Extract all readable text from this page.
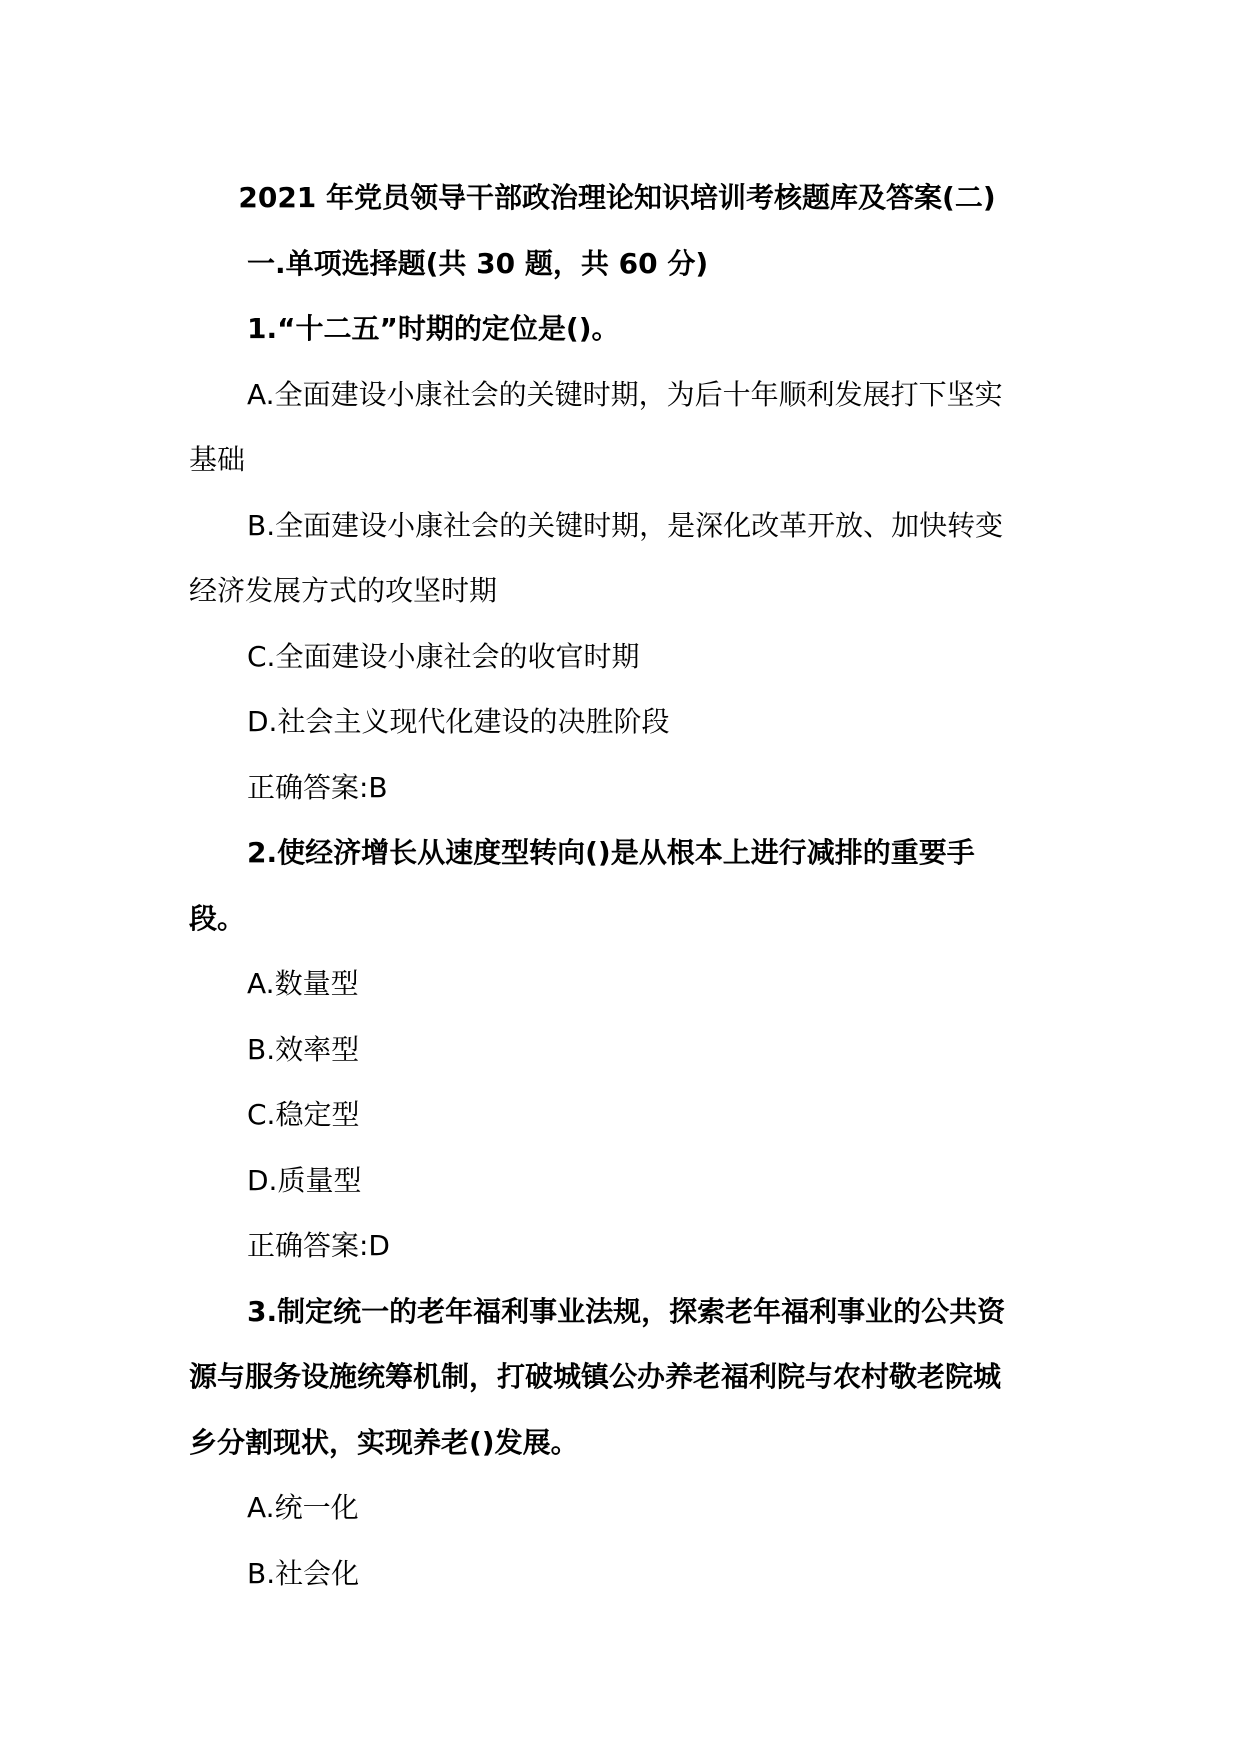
2021 年党员领导干部政治理论知识培训考核题库及答案(二)

一.单项选择题(共 30 题，共 60 分)

1.“十二五”时期的定位是()。

A.全面建设小康社会的关键时期，为后十年顺利发展打下坚实

基础

B.全面建设小康社会的关键时期，是深化改革开放、加快转变

经济发展方式的攻坚时期

C.全面建设小康社会的收官时期

D.社会主义现代化建设的决胜阶段

正确答案:B

2.使经济增长从速度型转向()是从根本上进行减排的重要手

段。

A.数量型

B.效率型

C.稳定型

D.质量型

正确答案:D

3.制定统一的老年福利事业法规，探索老年福利事业的公共资

源与服务设施统筹机制，打破城镇公办养老福利院与农村敬老院城

乡分割现状，实现养老()发展。

A.统一化

B.社会化
